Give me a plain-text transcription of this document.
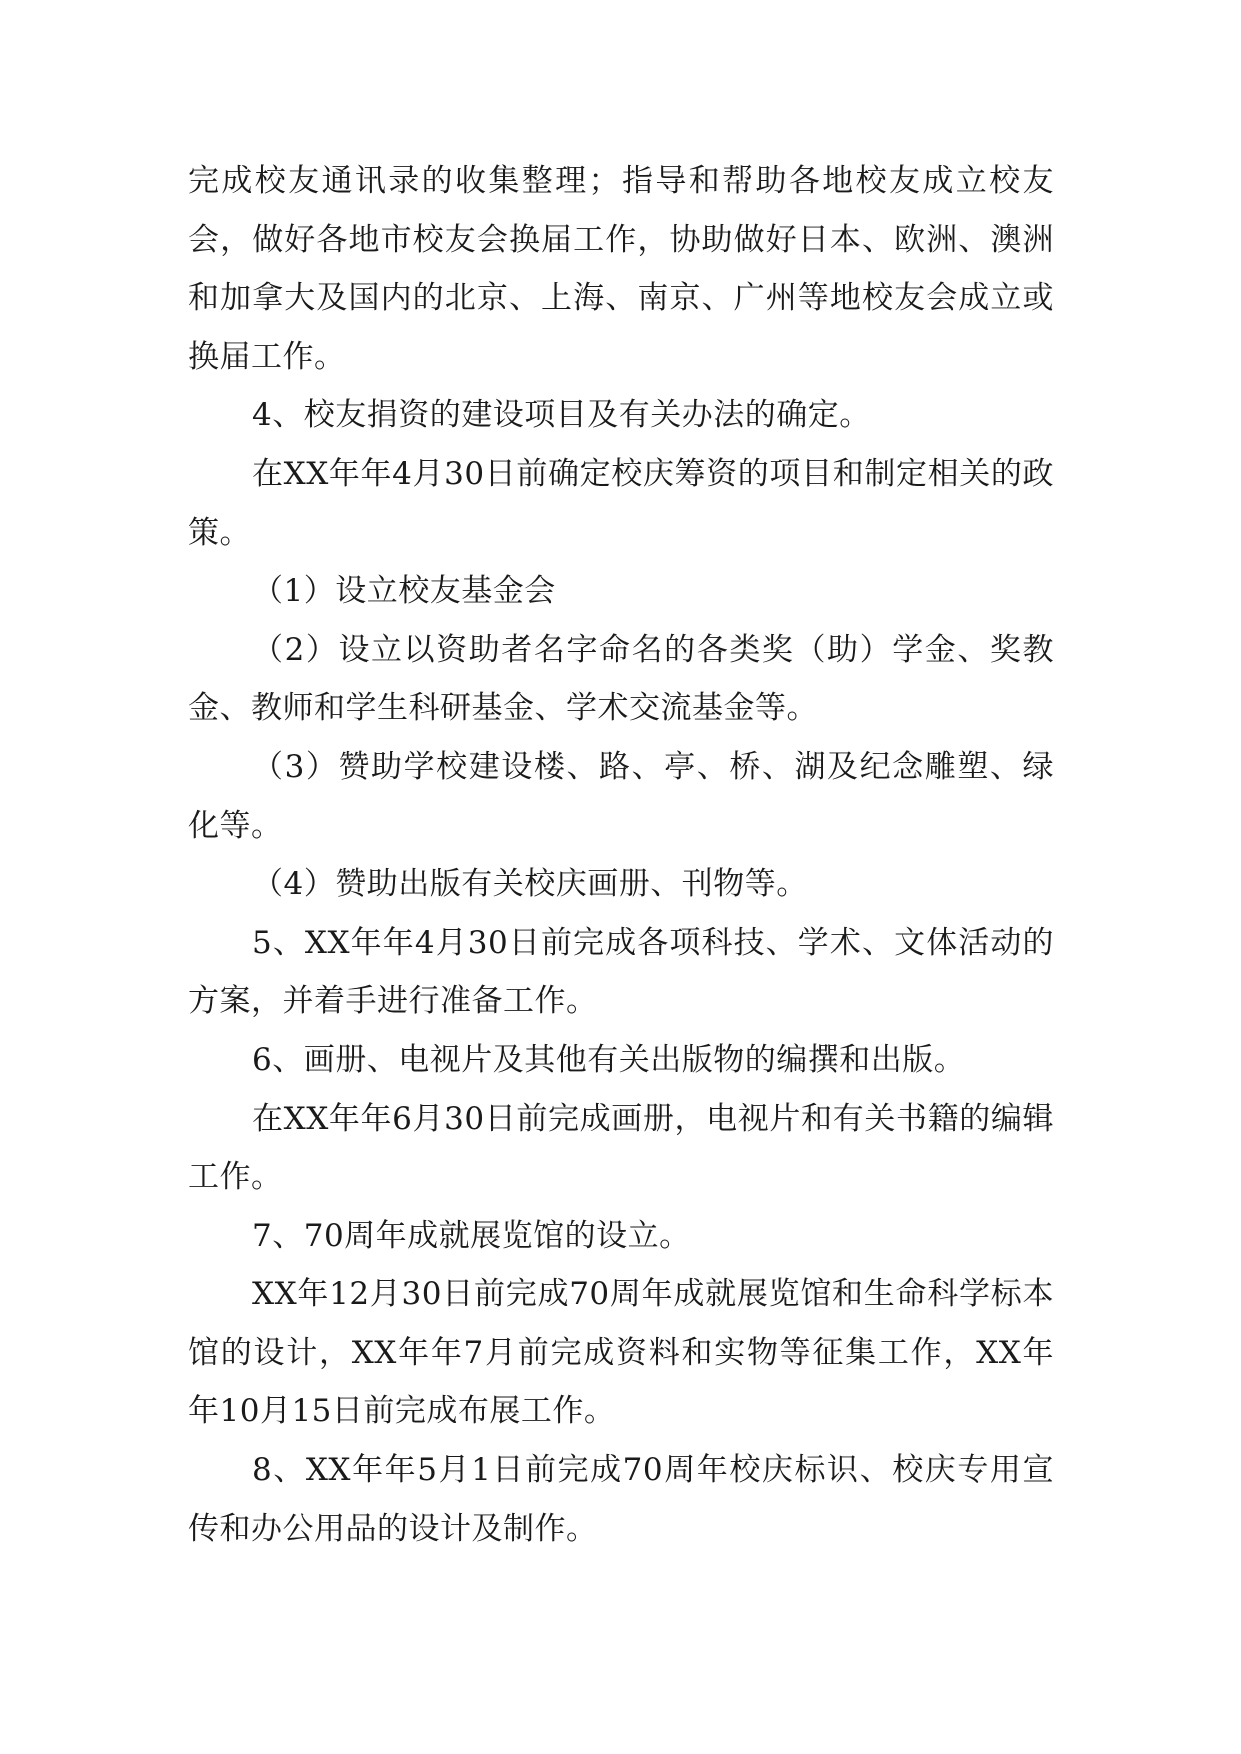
完成校友通讯录的收集整理；指导和帮助各地校友成立校友会，做好各地市校友会换届工作，协助做好日本、欧洲、澳洲和加拿大及国内的北京、上海、南京、广州等地校友会成立或换届工作。

4、校友捐资的建设项目及有关办法的确定。

在XX年年4月30日前确定校庆筹资的项目和制定相关的政策。

（1）设立校友基金会

（2）设立以资助者名字命名的各类奖（助）学金、奖教金、教师和学生科研基金、学术交流基金等。

（3）赞助学校建设楼、路、亭、桥、湖及纪念雕塑、绿化等。

（4）赞助出版有关校庆画册、刊物等。

5、XX年年4月30日前完成各项科技、学术、文体活动的方案，并着手进行准备工作。

6、画册、电视片及其他有关出版物的编撰和出版。

在XX年年6月30日前完成画册，电视片和有关书籍的编辑工作。

7、70周年成就展览馆的设立。

XX年12月30日前完成70周年成就展览馆和生命科学标本馆的设计，XX年年7月前完成资料和实物等征集工作，XX年年10月15日前完成布展工作。

8、XX年年5月1日前完成70周年校庆标识、校庆专用宣传和办公用品的设计及制作。
